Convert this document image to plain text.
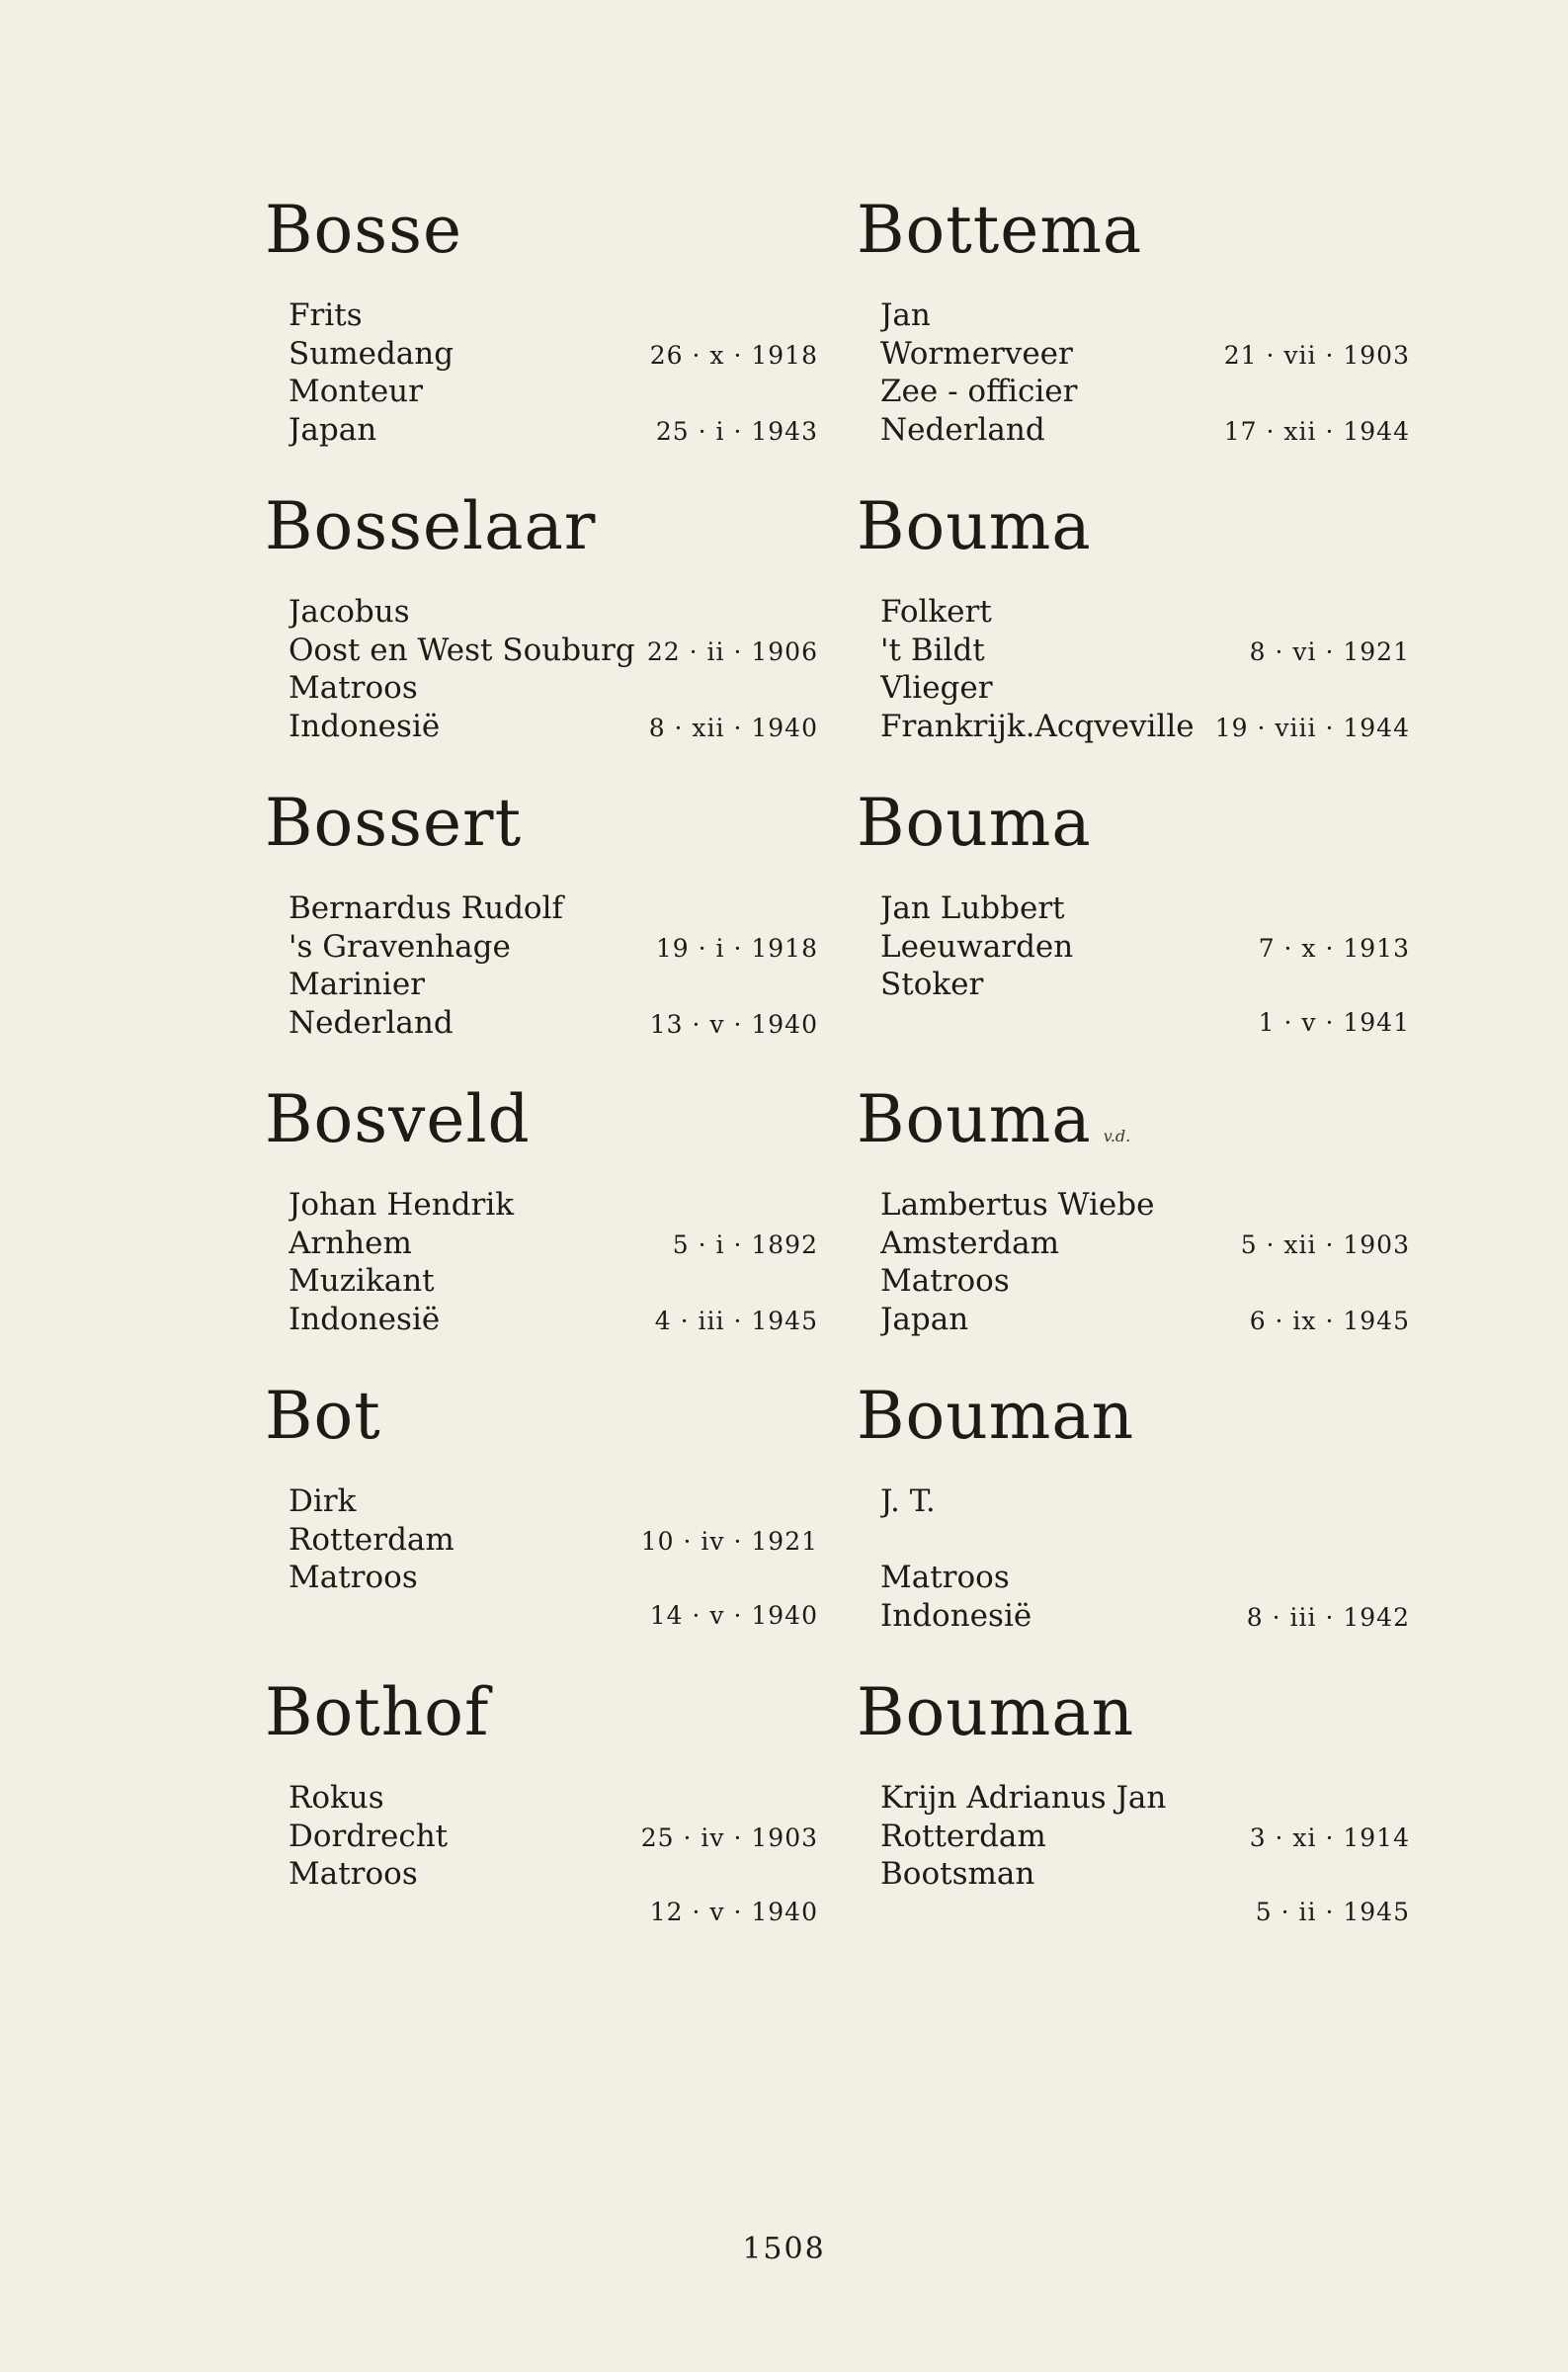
Bosse
Frits
Sumedang	26 · x · 1918
Monteur
Japan	25 · i · 1943
Bosselaar
Jacobus
Oost en West Souburg 22 · ii · 1906
Matroos
Indonesië	8 · xii · 1940
Bossert
Bernardus Rudolf
's Gravenhage	19 · i · 1918
Marinier
Nederland	13 · v · 1940
Bosveld
Johan Hendrik
Arnhem	5 · i · 1892
Muzikant
Indonesië	4 · iii · 1945
Bot
Dirk
Rotterdam	10 · iv · 1921
Matroos
14 · v · 1940
Bothof
Rokus
Dordrecht	25 · iv · 1903
Matroos
12 · v · 1940
Bottema
Jan
Wormerveer	21 · vii · 1903
Zee - officier
Nederland	17 · xii · 1944
Bouma
Folkert
't Bildt	8 · vi · 1921
Vlieger
Frankrijk.Acqveville 19 · viii · 1944
Bouma
Jan Lubbert
Leeuwarden	7 · x · 1913
Stoker
1 · v · 1941
Bouma v.d.
Lambertus Wiebe
Amsterdam	5 · xii · 1903
Matroos
Japan	6 · ix · 1945
Bouman
J. T.
Matroos
Indonesië	8 · iii · 1942
Bouman
Krijn Adrianus Jan
Rotterdam	3 · xi · 1914
Bootsman
5 · ii · 1945
1508
